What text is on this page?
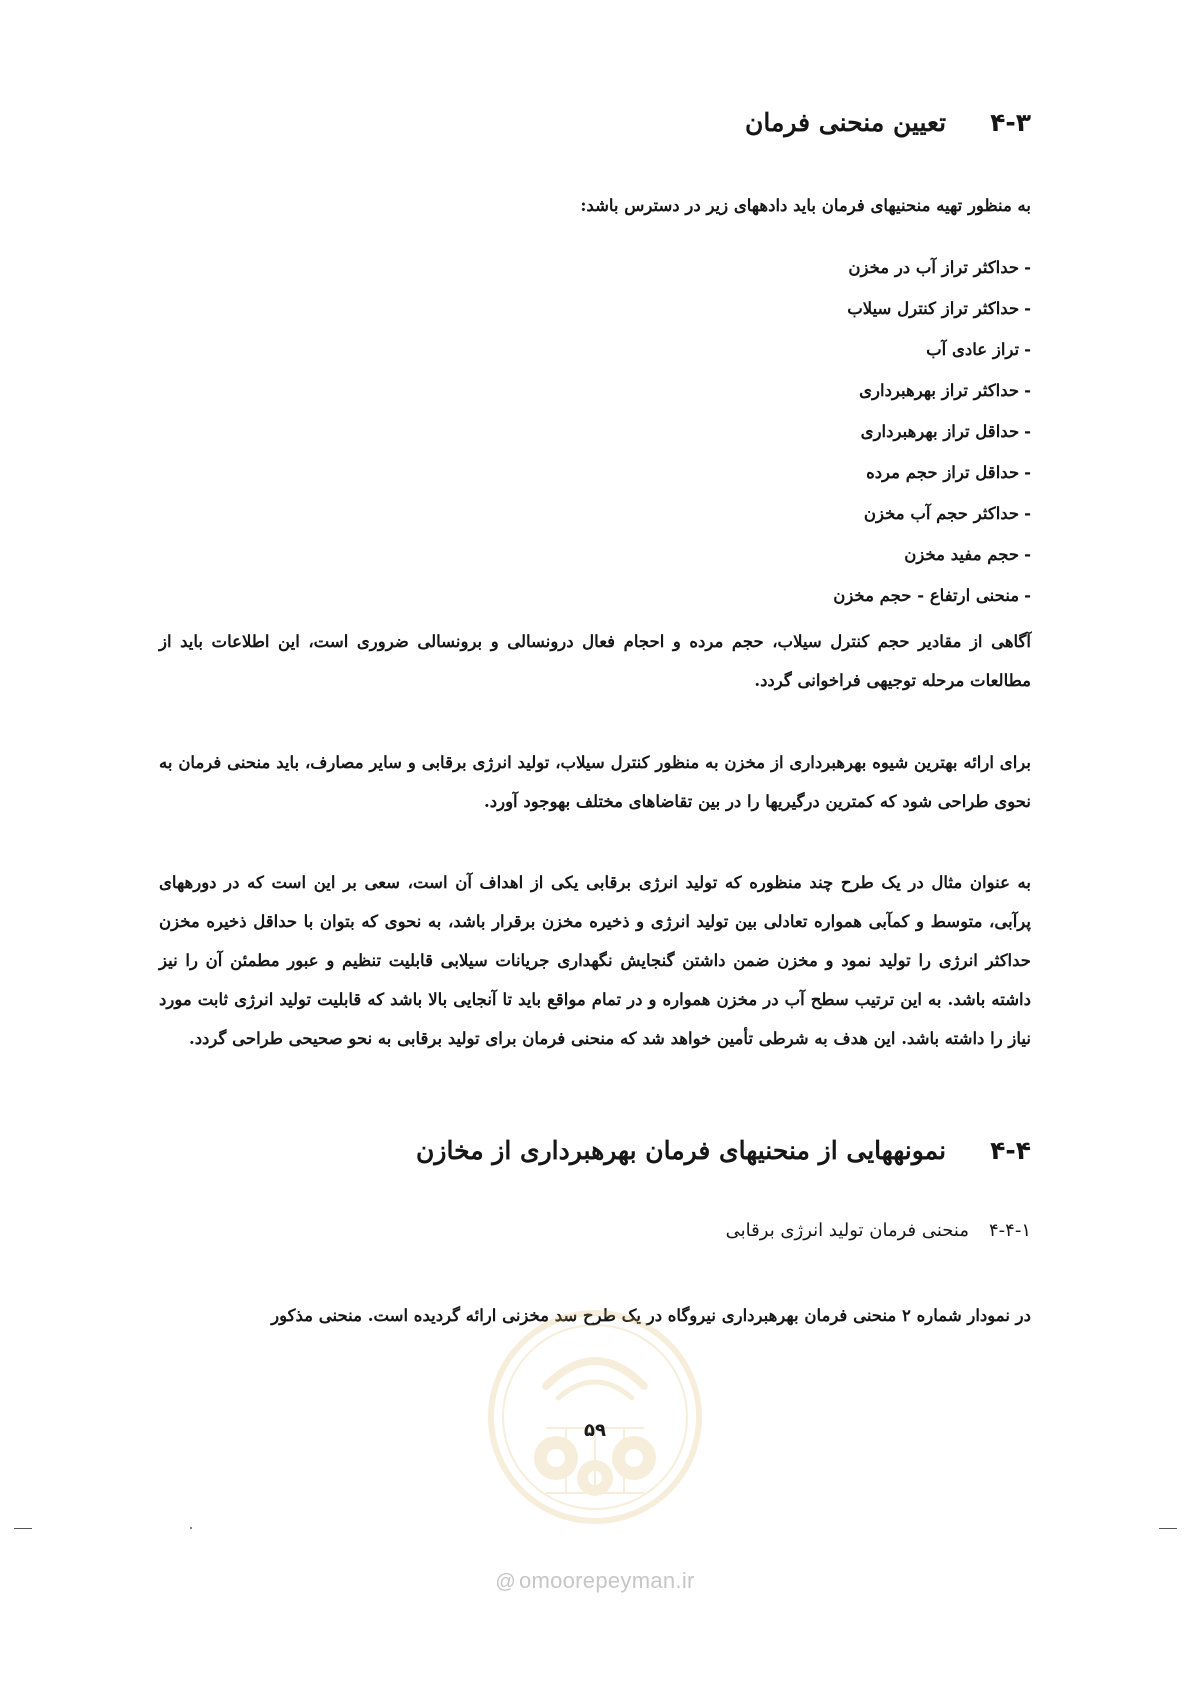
۴-۳
تعیین منحنی فرمان
به منظور تهیه منحنیهای فرمان باید دادههای زیر در دسترس باشد:
-حداکثر تراز آب در مخزن
-حداکثر تراز کنترل سیلاب
-تراز عادی آب
-حداکثر تراز بهرهبرداری
-حداقل تراز بهرهبرداری
-حداقل تراز حجم مرده
-حداکثر حجم آب مخزن
-حجم مفید مخزن
-منحنی ارتفاع - حجم مخزن
آگاهی از مقادیر حجم کنترل سیلاب، حجم مرده و احجام فعال درونسالی و برونسالی ضروری است، این اطلاعات باید از مطالعات مرحله توجیهی فراخوانی گردد.
برای ارائه بهترین شیوه بهرهبرداری از مخزن به منظور کنترل سیلاب، تولید انرژی برقابی و سایر مصارف، باید منحنی فرمان به نحوی طراحی شود که کمترین درگیریها را در بین تقاضاهای مختلف بهوجود آورد.
به عنوان مثال در یک طرح چند منظوره که تولید انرژی برقابی یکی از اهداف آن است، سعی بر این است که در دورههای پرآبی، متوسط و کمآبی همواره تعادلی بین تولید انرژی و ذخیره مخزن برقرار باشد، به نحوی که بتوان با حداقل ذخیره مخزن حداکثر انرژی را تولید نمود و مخزن ضمن داشتن گنجایش نگهداری جریانات سیلابی قابلیت تنظیم و عبور مطمئن آن را نیز داشته باشد. به این ترتیب سطح آب در مخزن همواره و در تمام مواقع باید تا آنجایی بالا باشد که قابلیت تولید انرژی ثابت مورد نیاز را داشته باشد. این هدف به شرطی تأمین خواهد شد که منحنی فرمان برای تولید برقابی به نحو صحیحی طراحی گردد.
۴-۴
نمونههایی از منحنیهای فرمان بهرهبرداری از مخازن
۴-۴-۱
منحنی فرمان تولید انرژی برقابی
در نمودار شماره ۲ منحنی فرمان بهرهبرداری نیروگاه در یک طرح سد مخزنی ارائه گردیده است. منحنی مذکور
۵۹
@ omoorepeyman.ir
